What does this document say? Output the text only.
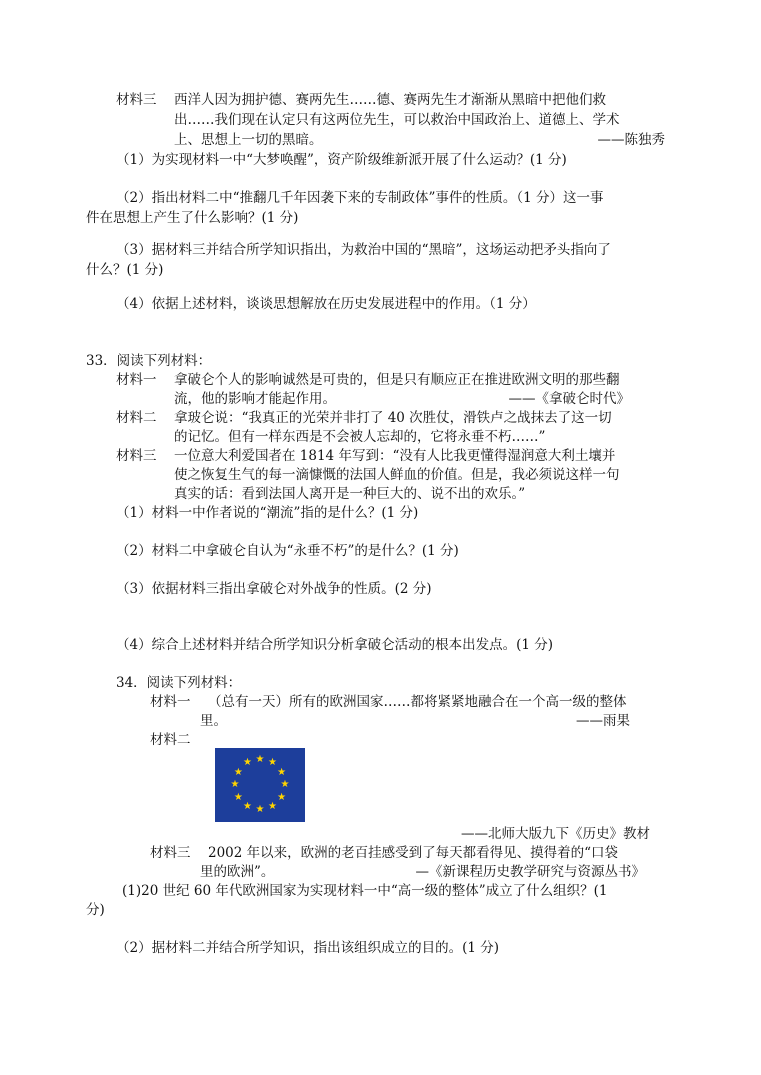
材料三 西洋人因为拥护德、赛两先生……德、赛两先生才渐渐从黑暗中把他们救
出……我们现在认定只有这两位先生，可以救治中国政治上、道德上、学术
上、思想上一切的黑暗。	——陈独秀
（1）为实现材料一中“大梦唤醒”，资产阶级维新派开展了什么运动？(1 分)
（2）指出材料二中“推翻几千年因袭下来的专制政体”事件的性质。（1 分）这一事
件在思想上产生了什么影响？(1 分)
（3）据材料三并结合所学知识指出，为救治中国的“黑暗”，这场运动把矛头指向了
什么？(1 分)
（4）依据上述材料，谈谈思想解放在历史发展进程中的作用。（1 分）
33．阅读下列材料：
材料一 拿破仑个人的影响诚然是可贵的，但是只有顺应正在推进欧洲文明的那些翻
流，他的影响才能起作用。	——《拿破仑时代》
材料二 拿玻仑说：“我真正的光荣并非打了 40 次胜仗，滑铁卢之战抹去了这一切
的记忆。但有一样东西是不会被人忘却的，它将永垂不朽……”
材料三 一位意大利爱国者在 1814 年写到：“没有人比我更懂得湿润意大利土壤并
使之恢复生气的每一滴慷慨的法国人鲜血的价值。但是，我必须说这样一句
真实的话：看到法国人离开是一种巨大的、说不出的欢乐。”
（1）材料一中作者说的“潮流”指的是什么？(1 分)
（2）材料二中拿破仑自认为“永垂不朽”的是什么？(1 分)
（3）依据材料三指出拿破仑对外战争的性质。(2 分)
（4）综合上述材料并结合所学知识分析拿破仑活动的根本出发点。(1 分)
34．阅读下列材料：
材料一 （总有一天）所有的欧洲国家……都将紧紧地融合在一个高一级的整体
里。	——雨果
材料二
★ ★
★
★
★
★
★
★
★
★
★
★
——北师大版九下《历史》教材
材料三 2002 年以来，欧洲的老百挂感受到了每天都看得见、摸得着的“口袋
里的欧洲”。	—《新课程历史教学研究与资源丛书》
(1)20 世纪 60 年代欧洲国家为实现材料一中“高一级的整体”成立了什么组织？(1
分)
（2）据材料二并结合所学知识，指出该组织成立的目的。(1 分)
